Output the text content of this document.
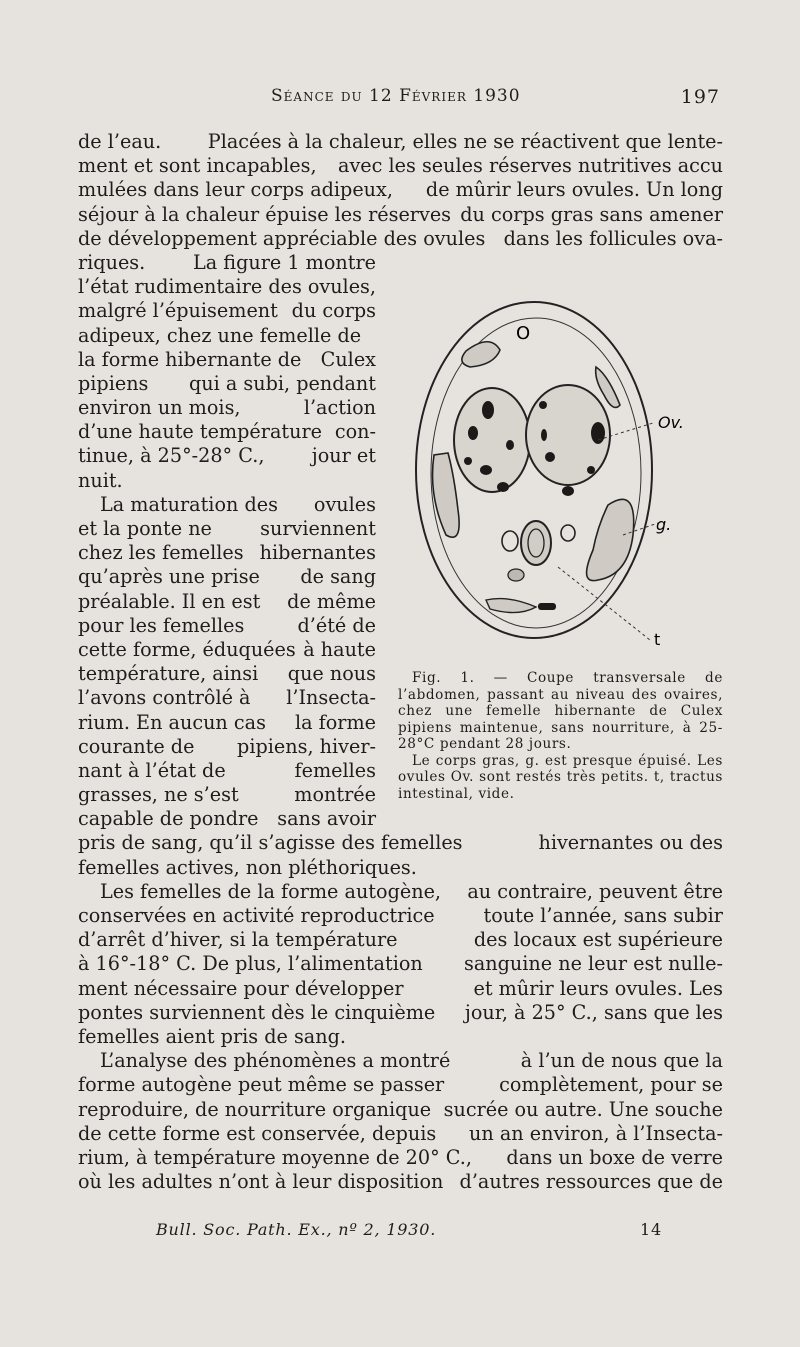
Séance du 12 Février 1930	197
de l’eau. Placées à la chaleur, elles ne se réactivent que lente-
ment et sont incapables, avec les seules réserves nutritives accu
mulées dans leur corps adipeux, de mûrir leurs ovules. Un long
séjour à la chaleur épuise les réserves du corps gras sans amener
de développement appréciable des ovules dans les follicules ova-
riques. La figure 1 montre
l’état rudimentaire des ovules,
malgré l’épuisement du corps
adipeux, chez une femelle de
la forme hibernante de Culex
pipiens qui a subi, pendant
environ un mois,	l’action
d’une haute température con-
tinue, à 25°-28° C., jour et
nuit.
La maturation des ovules
et la ponte ne	surviennent
chez les femelles hibernantes
qu’après une prise de sang
préalable. Il en est de même
pour les femelles	d’été de
cette forme, éduquées à haute
température, ainsi que nous
l’avons contrôlé à l’Insecta-
rium. En aucun cas la forme
courante de pipiens, hiver-
nant à l’état de	femelles
grasses, ne s’est	montrée
capable de pondre sans avoir
pris de sang, qu’il s’agisse des femelles	hivernantes ou des
femelles actives, non pléthoriques.
Les femelles de la forme autogène, au contraire, peuvent être
conservées en activité reproductrice	toute l’année, sans subir
d’arrêt d’hiver, si la température	des locaux est supérieure
à 16°-18° C. De plus, l’alimentation sanguine ne leur est nulle-
ment nécessaire pour développer	et mûrir leurs ovules. Les
pontes surviennent dès le cinquième jour, à 25° C., sans que les
femelles aient pris de sang.
L’analyse des phénomènes a montré	à l’un de nous que la
forme autogène peut même se passer	complètement, pour se
reproduire, de nourriture organique sucrée ou autre. Une souche
de cette forme est conservée, depuis un an environ, à l’Insecta-
rium, à température moyenne de 20° C., dans un boxe de verre
où les adultes n’ont à leur disposition d’autres ressources que de
O
Ov.
g.
t

Fig. 1. — Coupe transversale de l’abdomen, passant au niveau des ovaires, chez une femelle hibernante de Culex pipiens maintenue, sans nourriture, à 25-28°C pendant 28 jours.

Le corps gras, g. est presque épuisé. Les ovules Ov. sont restés très petits. t, tractus intestinal, vide.

Bull. Soc. Path. Ex., nº 2, 1930.	14
